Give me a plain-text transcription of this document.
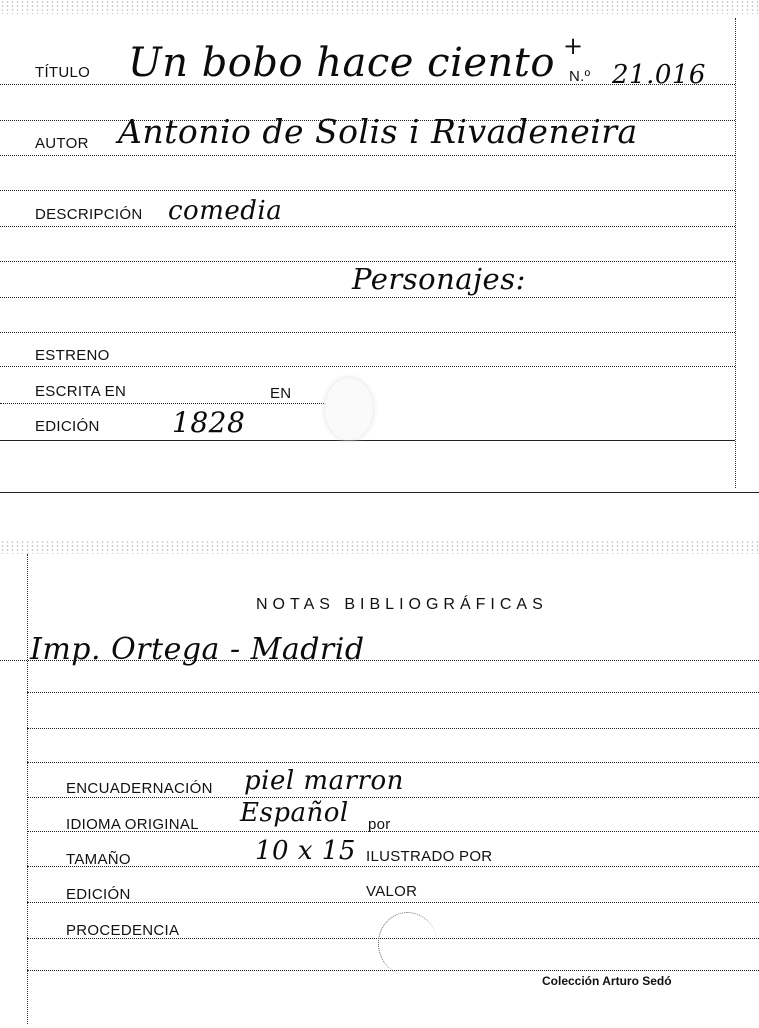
TÍTULO Un bobo hace ciento +
N.º 21.016
AUTOR Antonio de Solis i Rivadeneira
DESCRIPCIÓN comedia
Personajes:
ESTRENO
ESCRITA EN	EN
EDICIÓN	1828
NOTAS BIBLIOGRÁFICAS
Imp. Ortega - Madrid
ENCUADERNACIÓN piel marron
IDIOMA ORIGINAL Español por
TAMAÑO	10 x 15 ILUSTRADO POR
EDICIÓN	VALOR
PROCEDENCIA
Colección Arturo Sedó
